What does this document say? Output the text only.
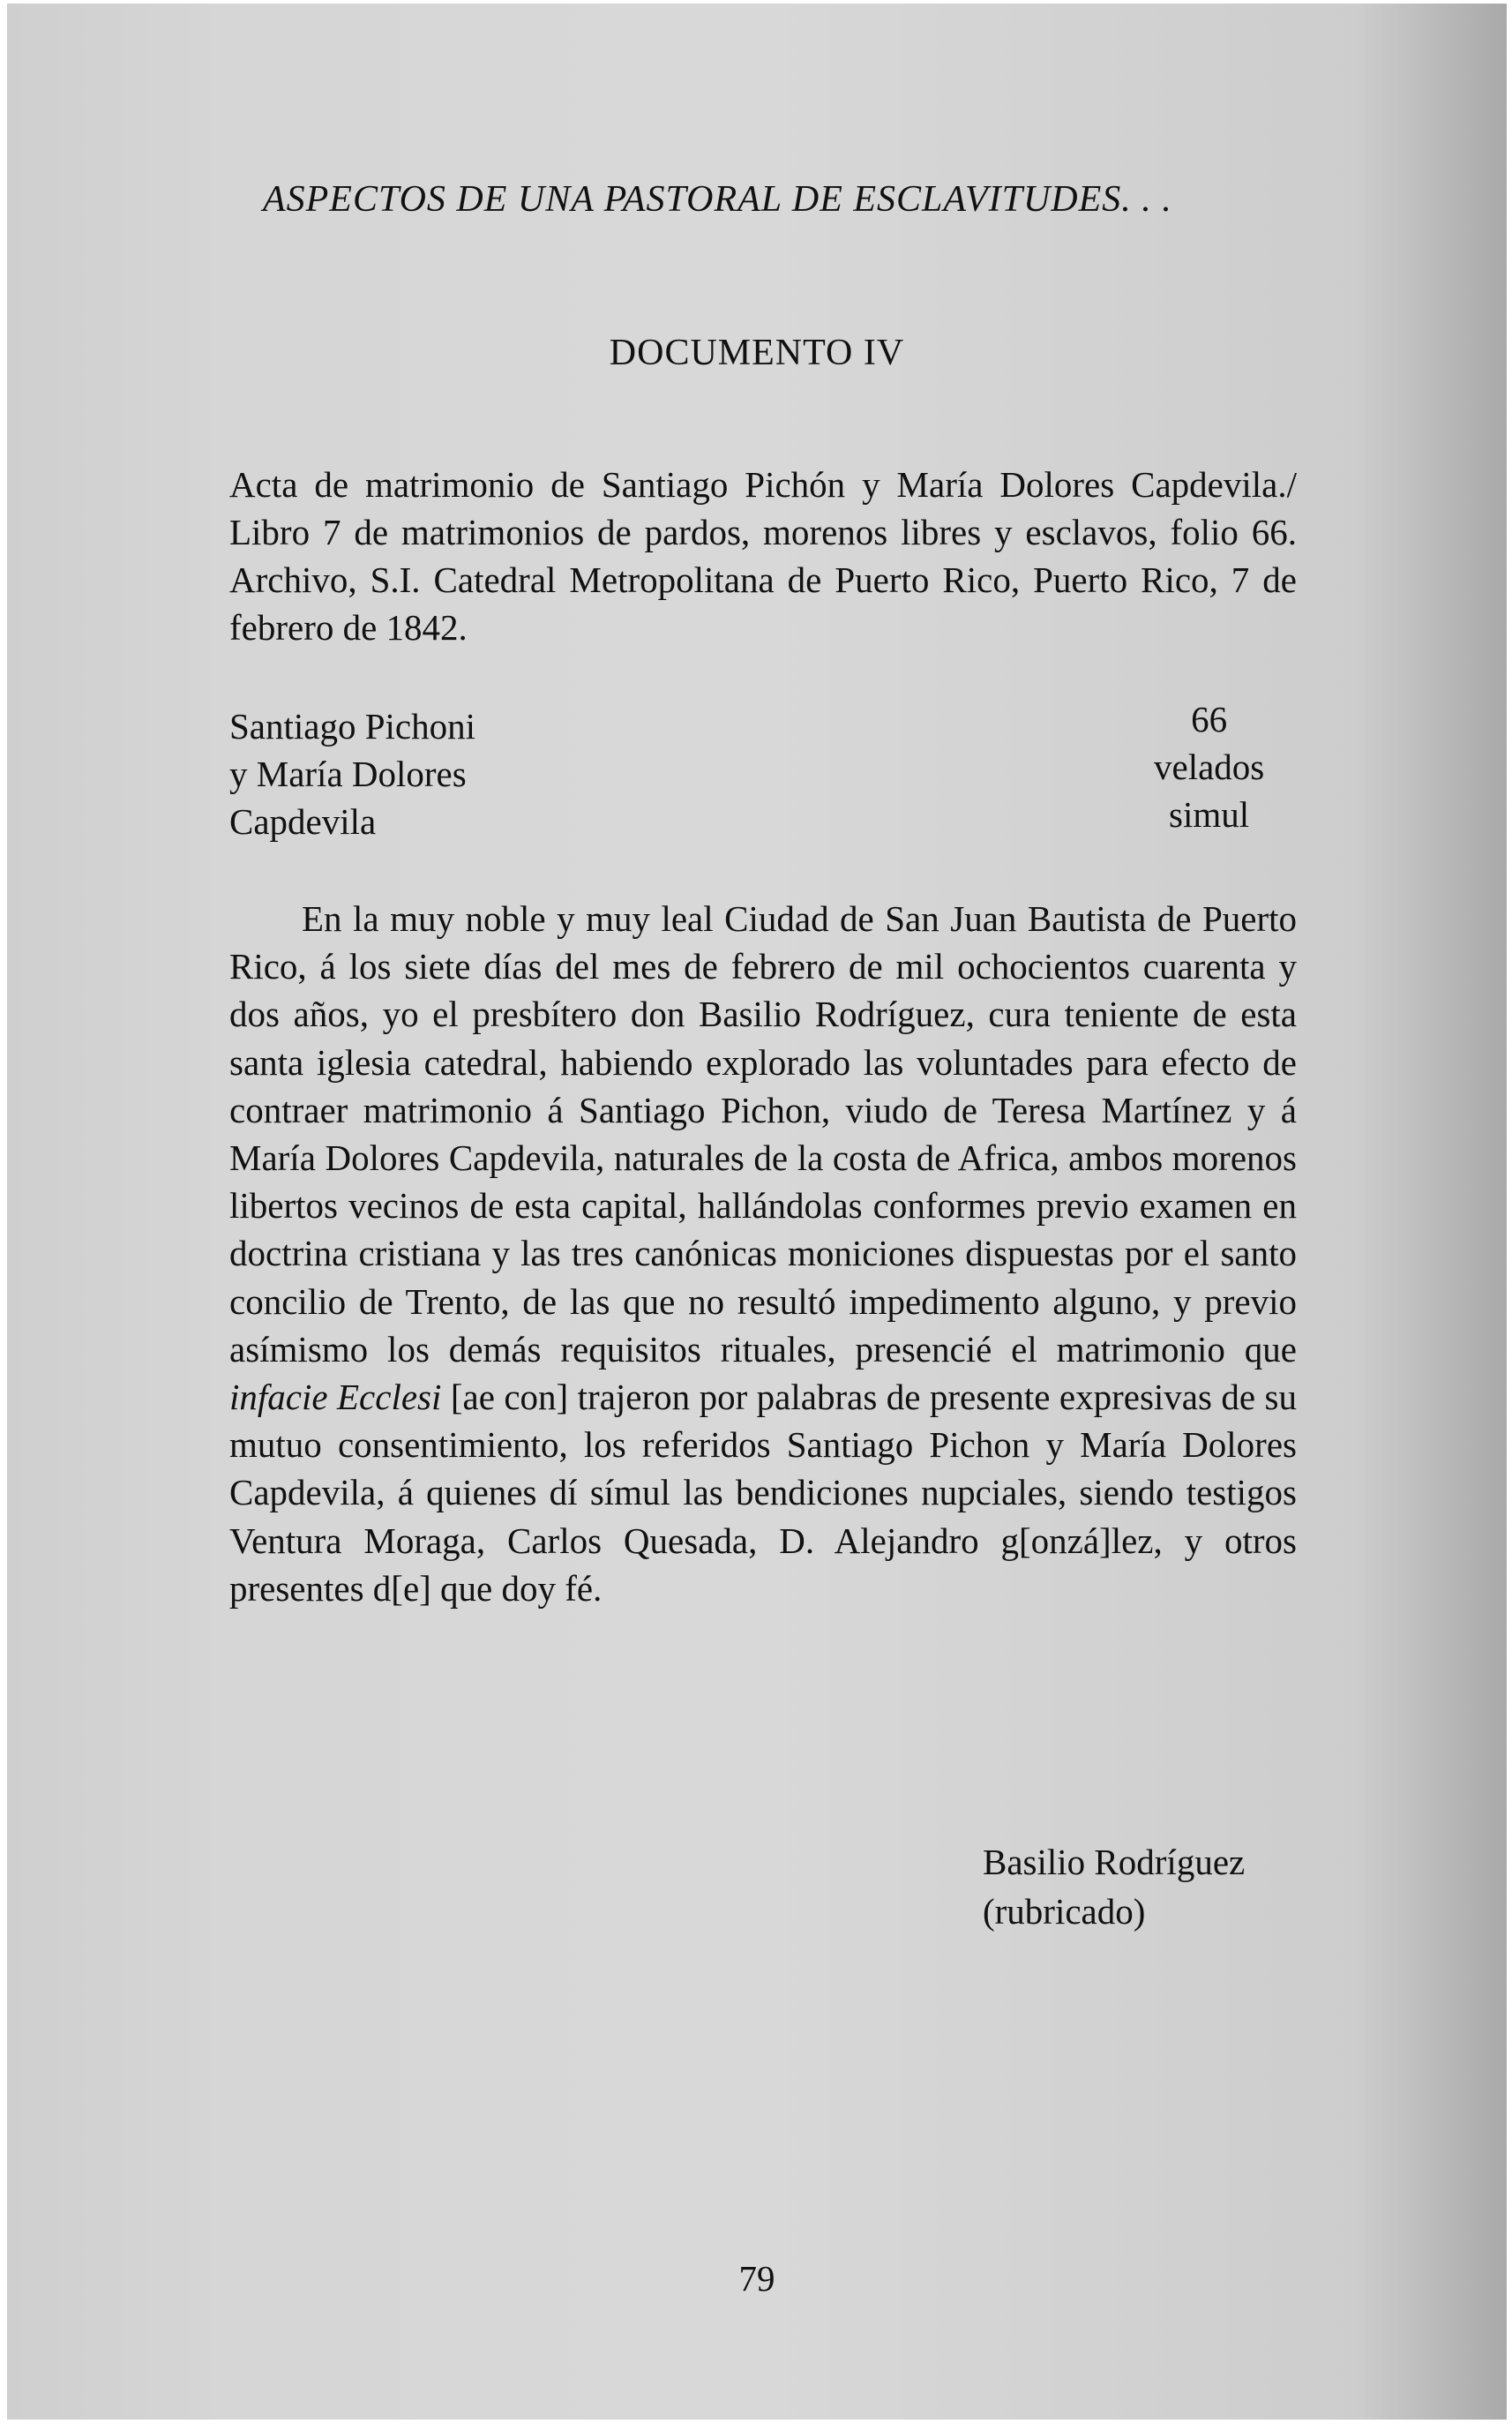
ASPECTOS DE UNA PASTORAL DE ESCLAVITUDES. . .
DOCUMENTO IV
Acta de matrimonio de Santiago Pichón y María Dolores Capdevila./ Libro 7 de matrimonios de pardos, morenos libres y esclavos, folio 66. Archivo, S.I. Catedral Metropolitana de Puerto Rico, Puerto Rico, 7 de febrero de 1842.
Santiago Pichoni
y María Dolores
Capdevila
66
velados
simul

En la muy noble y muy leal Ciudad de San Juan Bautista de Puerto Rico, á los siete días del mes de febrero de mil ochocientos cuarenta y dos años, yo el presbítero don Basilio Rodríguez, cura teniente de esta santa iglesia catedral, habiendo explorado las voluntades para efecto de contraer matrimonio á Santiago Pichon, viudo de Teresa Martínez y á María Dolores Capdevila, naturales de la costa de Africa, ambos morenos libertos vecinos de esta capital, hallándolas conformes previo examen en doctrina cristiana y las tres canónicas moniciones dispuestas por el santo concilio de Trento, de las que no resultó impedimento alguno, y previo asímismo los demás requisitos rituales, presencié el matrimonio que infacie Ecclesi [ae con] trajeron por palabras de presente expresivas de su mutuo consentimiento, los referidos Santiago Pichon y María Dolores Capdevila, á quienes dí símul las bendiciones nupciales, siendo testigos Ventura Moraga, Carlos Quesada, D. Alejandro g[onzá]lez, y otros presentes d[e] que doy fé.

Basilio Rodríguez
(rubricado)
79
